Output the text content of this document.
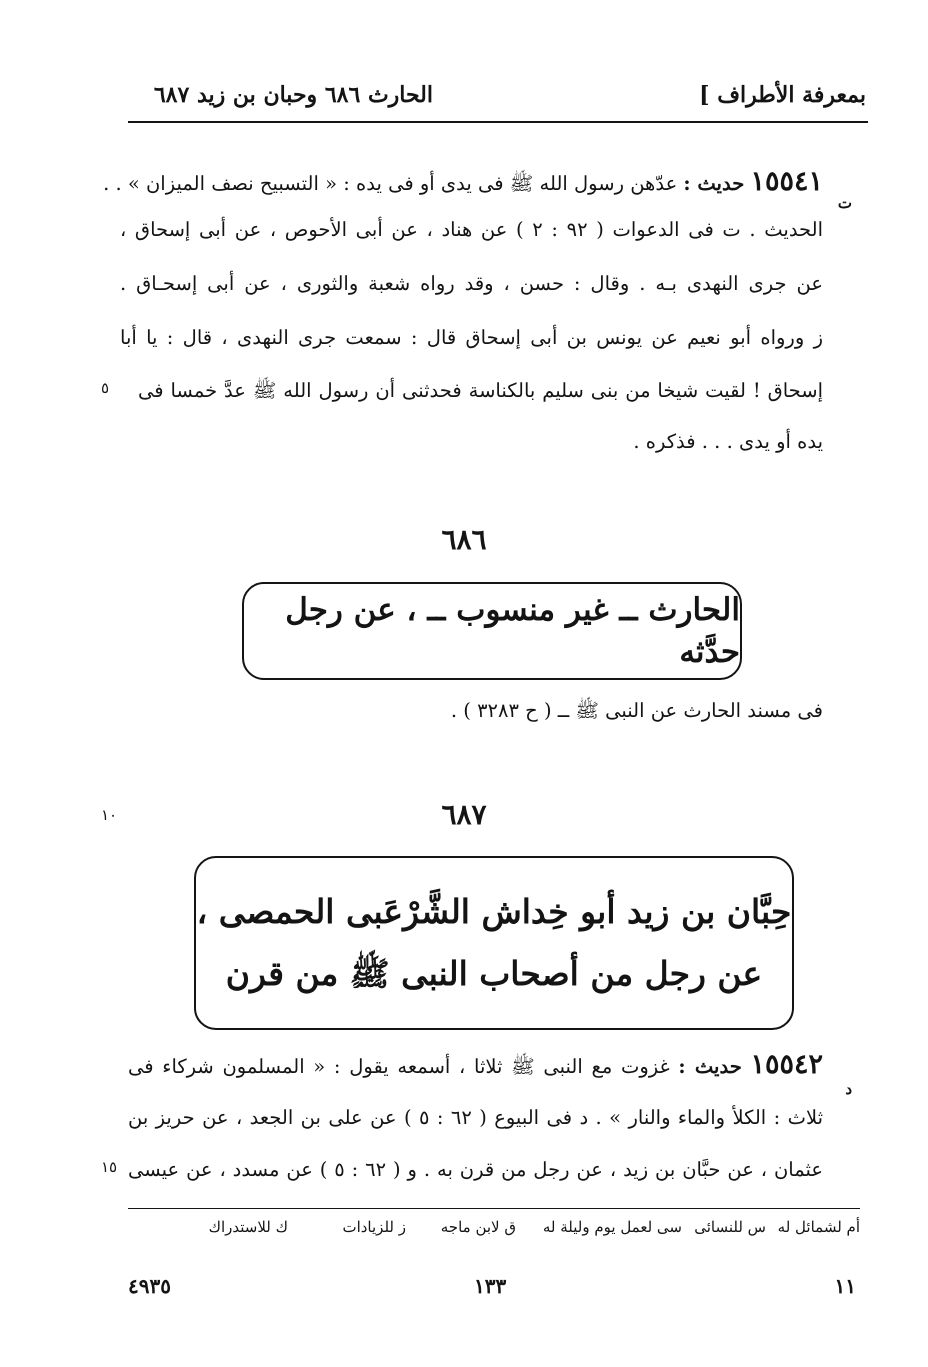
بمعرفة الأطراف ]
الحارث ٦٨٦ وحبان بن زيد ٦٨٧
١٥٥٤١ حديث : عدّهن رسول الله ﷺ فى يدى أو فى يده : « التسبيح نصف الميزان » . .
ت
الحديث . ت فى الدعوات ( ٩٢ : ٢ ) عن هناد ، عن أبى الأحوص ، عن أبى إسحاق ،
عن جرى النهدى بـه . وقال : حسن ، وقد رواه شعبة والثورى ، عن أبى إسحـاق .
ز ورواه أبو نعيم عن يونس بن أبى إسحاق قال : سمعت جرى النهدى ، قال : يا أبا
إسحاق ! لقيت شيخا من بنى سليم بالكناسة فحدثنى أن رسول الله ﷺ عدَّ خمسا فى
٥
يده أو يدى . . . فذكره .
٦٨٦
الحارث ــ غير منسوب ــ ، عن رجل حدَّثه
فى مسند الحارث عن النبى ﷺ ــ ( ح ٣٢٨٣ ) .
٦٨٧
١٠
حِبَّان بن زيد أبو خِداش الشَّرْعَبى الحمصى ،
عن رجل من أصحاب النبى ﷺ من قرن
١٥٥٤٢ حديث : غزوت مع النبى ﷺ ثلاثا ، أسمعه يقول : « المسلمون شركاء فى
د
ثلاث : الكلأ والماء والنار » . د فى البيوع ( ٦٢ : ٥ ) عن على بن الجعد ، عن حريز بن
عثمان ، عن حبَّان بن زيد ، عن رجل من قرن به . و ( ٦٢ : ٥ ) عن مسدد ، عن عيسى
١٥
أم لشمائل له
س للنسائى
سى لعمل يوم وليلة له
ق لابن ماجه
ز للزيادات
ك للاستدراك
١١
١٣٣
٤٩٣٥
